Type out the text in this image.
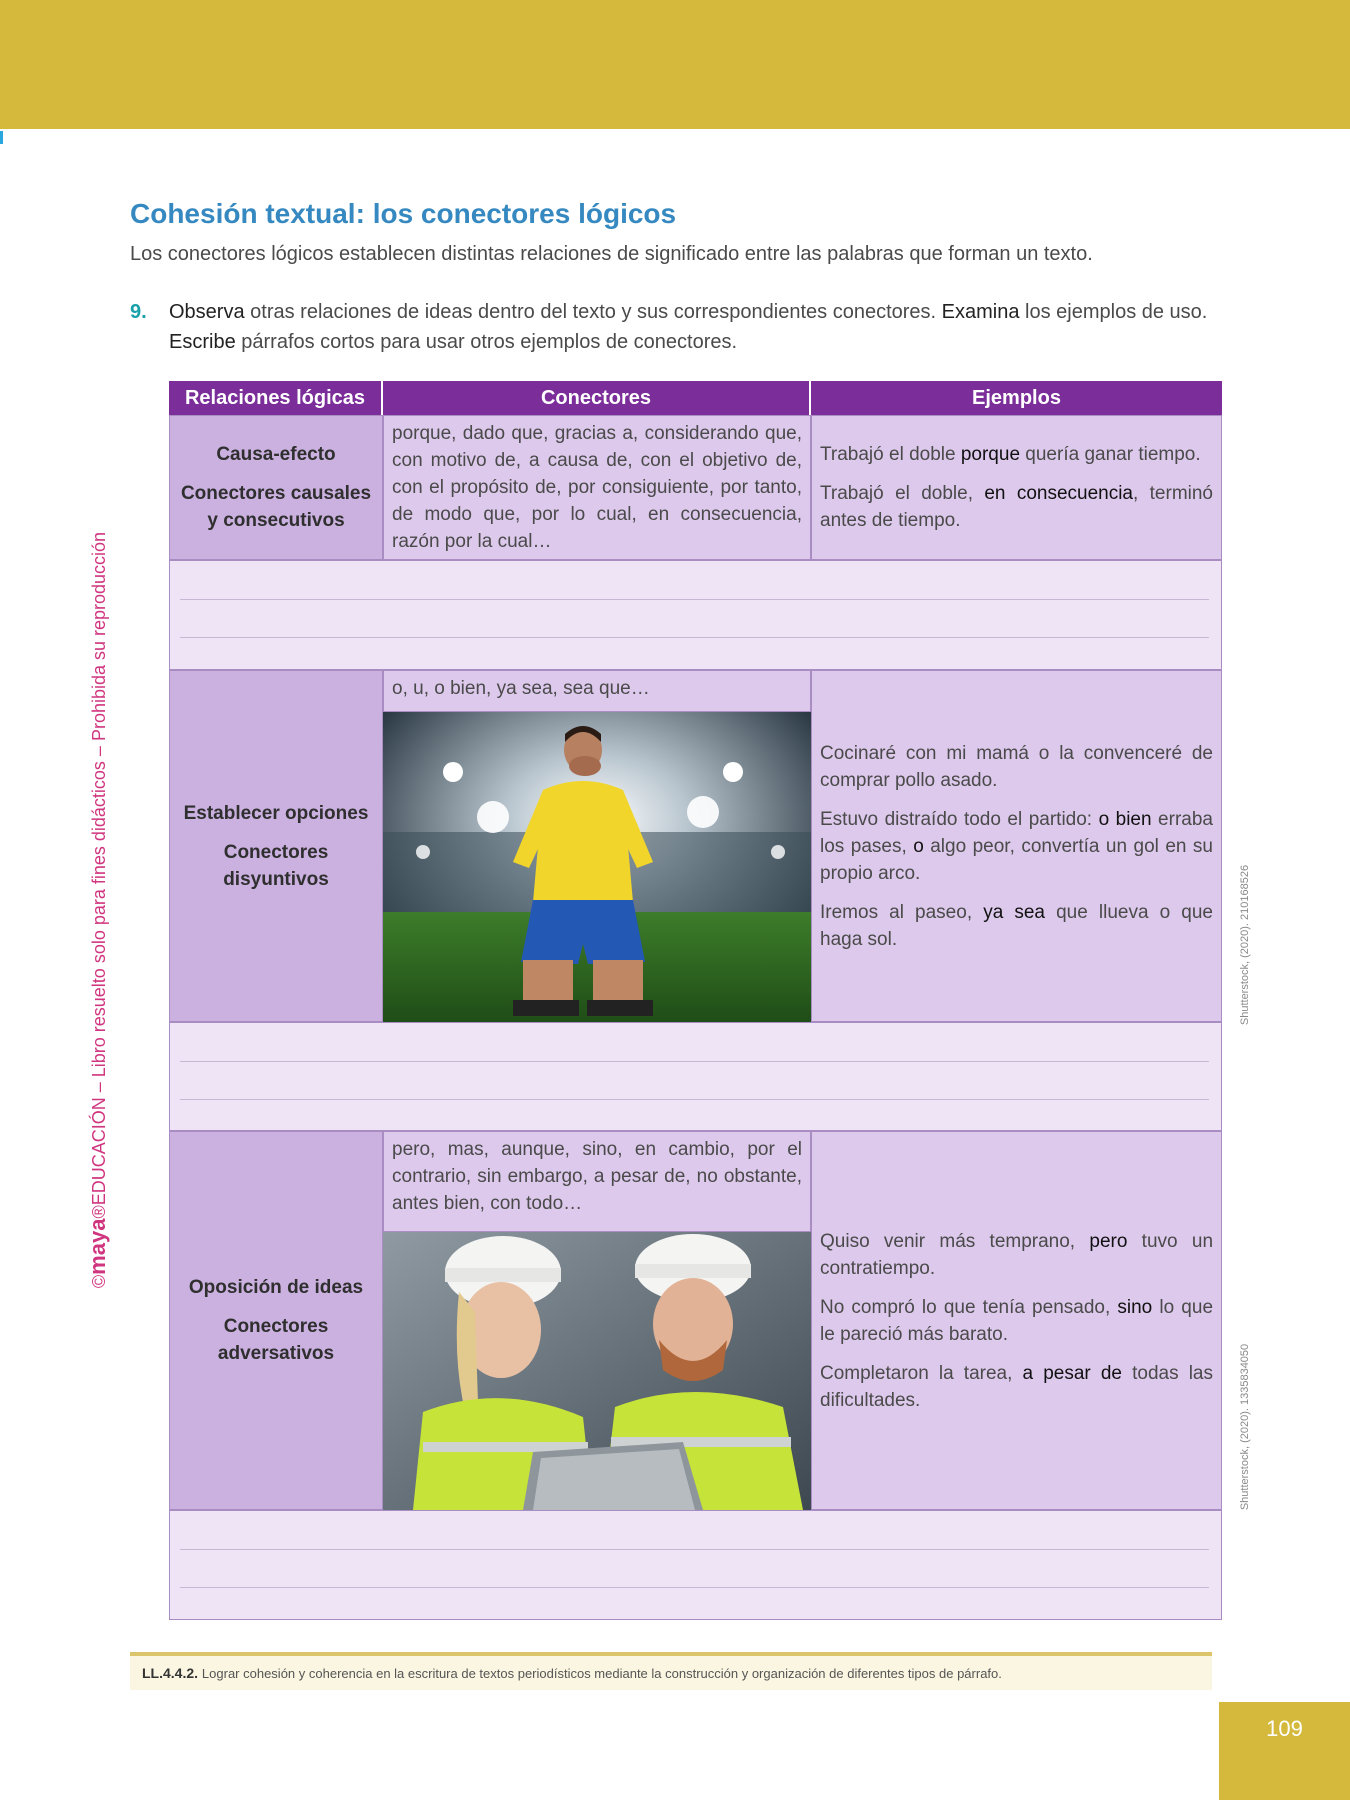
©maya®EDUCACIÓN – Libro resuelto solo para fines didácticos – Prohibida su reproducción
Cohesión textual: los conectores lógicos

Los conectores lógicos establecen distintas relaciones de significado entre las palabras que forman un texto.

9. Observa otras relaciones de ideas dentro del texto y sus correspondientes conectores. Examina los ejemplos de uso. Escribe párrafos cortos para usar otros ejemplos de conectores.
Relaciones lógicas	Conectores	Ejemplos

Causa-efecto

Conectores causales y consecutivos

porque, dado que, gracias a, considerando que, con motivo de, a causa de, con el objetivo de, con el propósito de, por consiguiente, por tanto, de modo que, por lo cual, en consecuencia, razón por la cual…

Trabajó el doble porque quería ganar tiempo.

Trabajó el doble, en consecuencia, terminó antes de tiempo.

Establecer opciones

Conectores disyuntivos

o, u, o bien, ya sea, sea que…

Cocinaré con mi mamá o la convenceré de comprar pollo asado.

Estuvo distraído todo el partido: o bien erraba los pases, o algo peor, convertía un gol en su propio arco.

Iremos al paseo, ya sea que llueva o que haga sol.

Oposición de ideas

Conectores adversativos

pero, mas, aunque, sino, en cambio, por el contrario, sin embargo, a pesar de, no obstante, antes bien, con todo…

Quiso venir más temprano, pero tuvo un contratiempo.

No compró lo que tenía pensado, sino lo que le pareció más barato.

Completaron la tarea, a pesar de todas las dificultades.

Shutterstock, (2020). 210168526
Shutterstock, (2020). 1335834050
LL.4.4.2. Lograr cohesión y coherencia en la escritura de textos periodísticos mediante la construcción y organización de diferentes tipos de párrafo.
109
